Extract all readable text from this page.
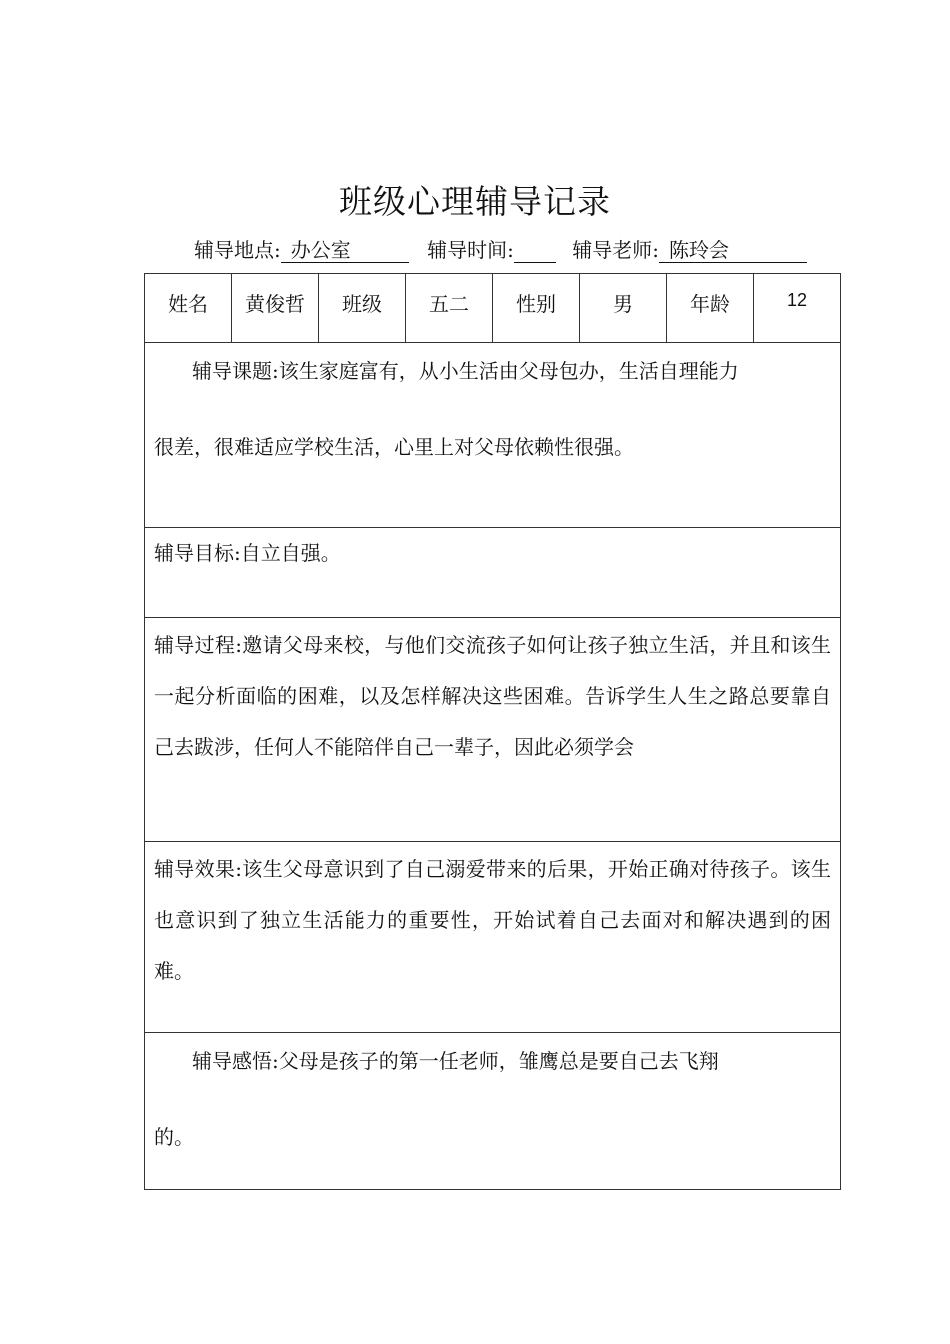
班级心理辅导记录
辅导地点: 办公室	辅导时间:	辅导老师: 陈玲会
姓名	黄俊哲	班级	五二	性别	男	年龄	12

辅导课题:该生家庭富有，从小生活由父母包办，生活自理能力
很差，很难适应学校生活，心里上对父母依赖性很强。

辅导目标:自立自强。

辅导过程:邀请父母来校，与他们交流孩子如何让孩子独立生活，并且和该生一起分析面临的困难，以及怎样解决这些困难。告诉学生人生之路总要靠自己去跋涉，任何人不能陪伴自己一辈子，因此必须学会

辅导效果:该生父母意识到了自己溺爱带来的后果，开始正确对待孩子。该生也意识到了独立生活能力的重要性，开始试着自己去面对和解决遇到的困难。

辅导感悟:父母是孩子的第一任老师，雏鹰总是要自己去飞翔
的。
